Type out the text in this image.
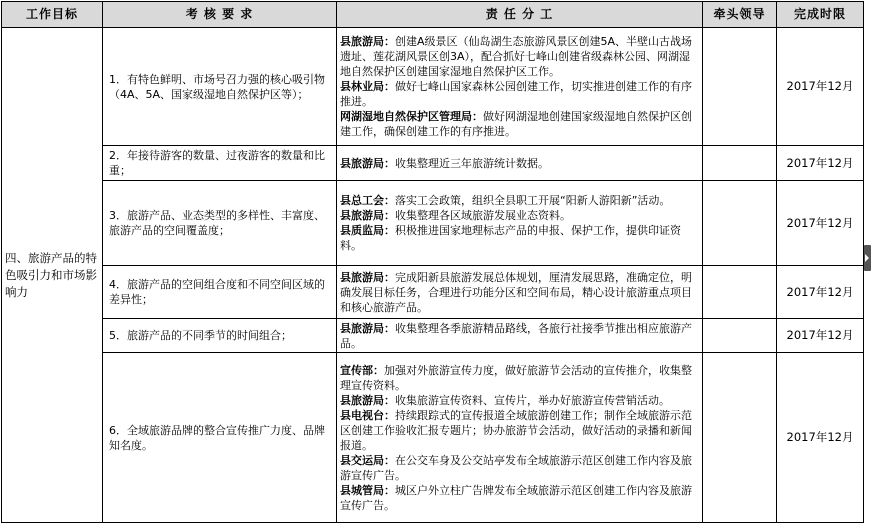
工作目标	考 核 要 求	责 任 分 工	牵头领导	完成时限
四、旅游产品的特色吸引力和市场影响力	1．有特色鲜明、市场号召力强的核心吸引物（4A、5A、国家级湿地自然保护区等）；	县旅游局：创建A级景区（仙岛湖生态旅游风景区创建5A、半壁山古战场遗址、莲花湖风景区创3A），配合抓好七峰山创建省级森林公园、网湖湿地自然保护区创建国家湿地自然保护区工作。

县林业局：做好七峰山国家森林公园创建工作，切实推进创建工作的有序推进。

网湖湿地自然保护区管理局：做好网湖湿地创建国家级湿地自然保护区创建工作，确保创建工作的有序推进。		2017年12月
	2．年接待游客的数量、过夜游客的数量和比重；	县旅游局：收集整理近三年旅游统计数据。		2017年12月
	3．旅游产品、业态类型的多样性、丰富度、旅游产品的空间覆盖度；	县总工会：落实工会政策，组织全县职工开展“阳新人游阳新”活动。

县旅游局：收集整理各区域旅游发展业态资料。

县质监局：积极推进国家地理标志产品的申报、保护工作，提供印证资料。		2017年12月
	4．旅游产品的空间组合度和不同空间区域的差异性；	县旅游局：完成阳新县旅游发展总体规划，厘清发展思路，准确定位，明确发展目标任务，合理进行功能分区和空间布局，精心设计旅游重点项目和核心旅游产品。		2017年12月
	5．旅游产品的不同季节的时间组合；	县旅游局：收集整理各季旅游精品路线，各旅行社接季节推出相应旅游产品。		2017年12月
	6．全域旅游品牌的整合宣传推广力度、品牌知名度。	宣传部：加强对外旅游宣传力度，做好旅游节会活动的宣传推介，收集整理宣传资料。

县旅游局：收集旅游宣传资料、宣传片，举办好旅游宣传营销活动。

县电视台：持续跟踪式的宣传报道全域旅游创建工作；制作全域旅游示范区创建工作验收汇报专题片；协办旅游节会活动，做好活动的录播和新闻报道。

县交运局：在公交车身及公交站亭发布全域旅游示范区创建工作内容及旅游宣传广告。

县城管局：城区户外立柱广告牌发布全域旅游示范区创建工作内容及旅游宣传广告。		2017年12月
